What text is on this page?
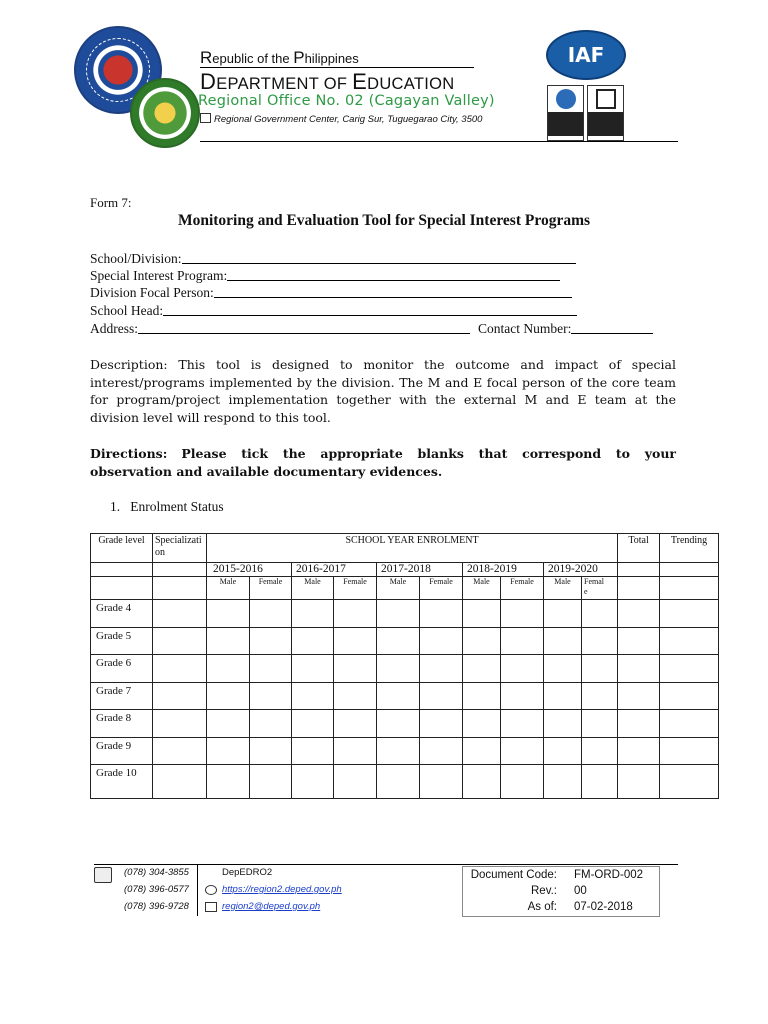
Republic of the Philippines
DEPARTMENT OF EDUCATION
Regional Office No. 02 (Cagayan Valley)
Regional Government Center, Carig Sur, Tuguegarao City, 3500
IAF
Form 7:
Monitoring and Evaluation Tool for Special Interest Programs
School/Division:
Special Interest Program:
Division Focal Person:
School Head:
Address:	Contact Number:
Description: This tool is designed to monitor the outcome and impact of special interest/programs implemented by the division. The M and E focal person of the core team for program/project implementation together with the external M and E team at the division level will respond to this tool.
Directions: Please tick the appropriate blanks that correspond to your observation and available documentary evidences.
1.   Enrolment Status
Grade level	Specialization	SCHOOL YEAR ENROLMENT										Total	Trending
		2015-2016		2016-2017		2017-2018		2018-2019		2019-2020			
		Male	Female	Male	Female	Male	Female	Male	Female	Male	Female		
Grade 4													
Grade 5													
Grade 6													
Grade 7													
Grade 8													
Grade 9													
Grade 10													
(078) 304-3855
(078) 396-0577
(078) 396-9728
DepEDRO2
https://region2.deped.gov.ph
region2@deped.gov.ph
Document Code: FM-ORD-002
Rev.: 00
As of: 07-02-2018
